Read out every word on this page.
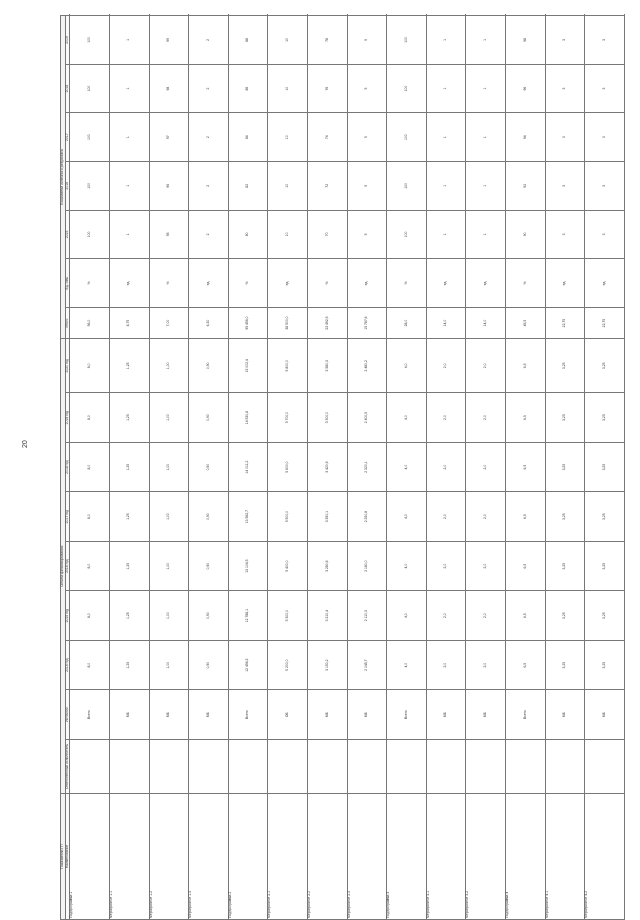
20
Показатели ГП	Объем финансирования									Показатели конечного результата							
Наименование	Ответственный исполнитель	Источник	2014 год	2015 год	2016 год	2017 год	2018 год	2019 год	2020 год	Итого	Ед. изм.	2015	2016	2017	2018	2019	
Подпрограмма 1		Всего	8,0	8,0	8,0	8,0	8,0	8,0	8,0	56,0	%	100	100	100	100	100	
Мероприятие 1.1		МБ	1,25	1,25	1,25	1,25	1,25	1,25	1,25	8,75	ед.	1	1	1	1	1	
Мероприятие 1.2		МБ	1,00	1,00	1,00	1,00	1,00	1,00	1,00	7,00	%	95	96	97	98	99	
Мероприятие 1.3		МБ	0,90	0,90	0,90	0,90	0,90	0,90	0,90	6,30	ед.	2	2	2	2	2	
Подпрограмма 2		Всего	12 456,3	12 788,1	13 104,5	13 562,7	14 011,2	14 530,8	15 002,4	95 456,0	%	80	82	84	86	88	
Мероприятие 2.1		ОБ	5 200,0	5 300,0	5 400,0	5 500,0	5 600,0	5 700,0	5 800,0	38 500,0	ед.	10	10	10	10	10	
Мероприятие 2.2		МБ	3 150,2	3 210,4	3 280,6	3 350,1	3 420,9	3 500,0	3 580,3	23 492,5	%	70	72	74	76	78	
Мероприятие 2.3		МБ	2 045,7	2 110,3	2 180,0	2 250,8	2 320,1	2 400,5	2 480,2	15 787,6	ед.	5	5	5	5	5	
Подпрограмма 3		Всего	4,0	4,0	4,0	4,0	4,0	4,0	4,0	28,0	%	100	100	100	100	100	
Мероприятие 3.1		МБ	2,0	2,0	2,0	2,0	2,0	2,0	2,0	14,0	ед.	1	1	1	1	1	
Мероприятие 3.2		МБ	2,0	2,0	2,0	2,0	2,0	2,0	2,0	14,0	ед.	1	1	1	1	1	
Подпрограмма 4		Всего	6,5	6,5	6,5	6,5	6,5	6,5	6,5	45,5	%	90	92	94	96	98	
Мероприятие 4.1		МБ	3,25	3,25	3,25	3,25	3,25	3,25	3,25	22,75	ед.	3	3	3	3	3	
Мероприятие 4.2		МБ	3,25	3,25	3,25	3,25	3,25	3,25	3,25	22,75	ед.	3	3	3	3	3	
